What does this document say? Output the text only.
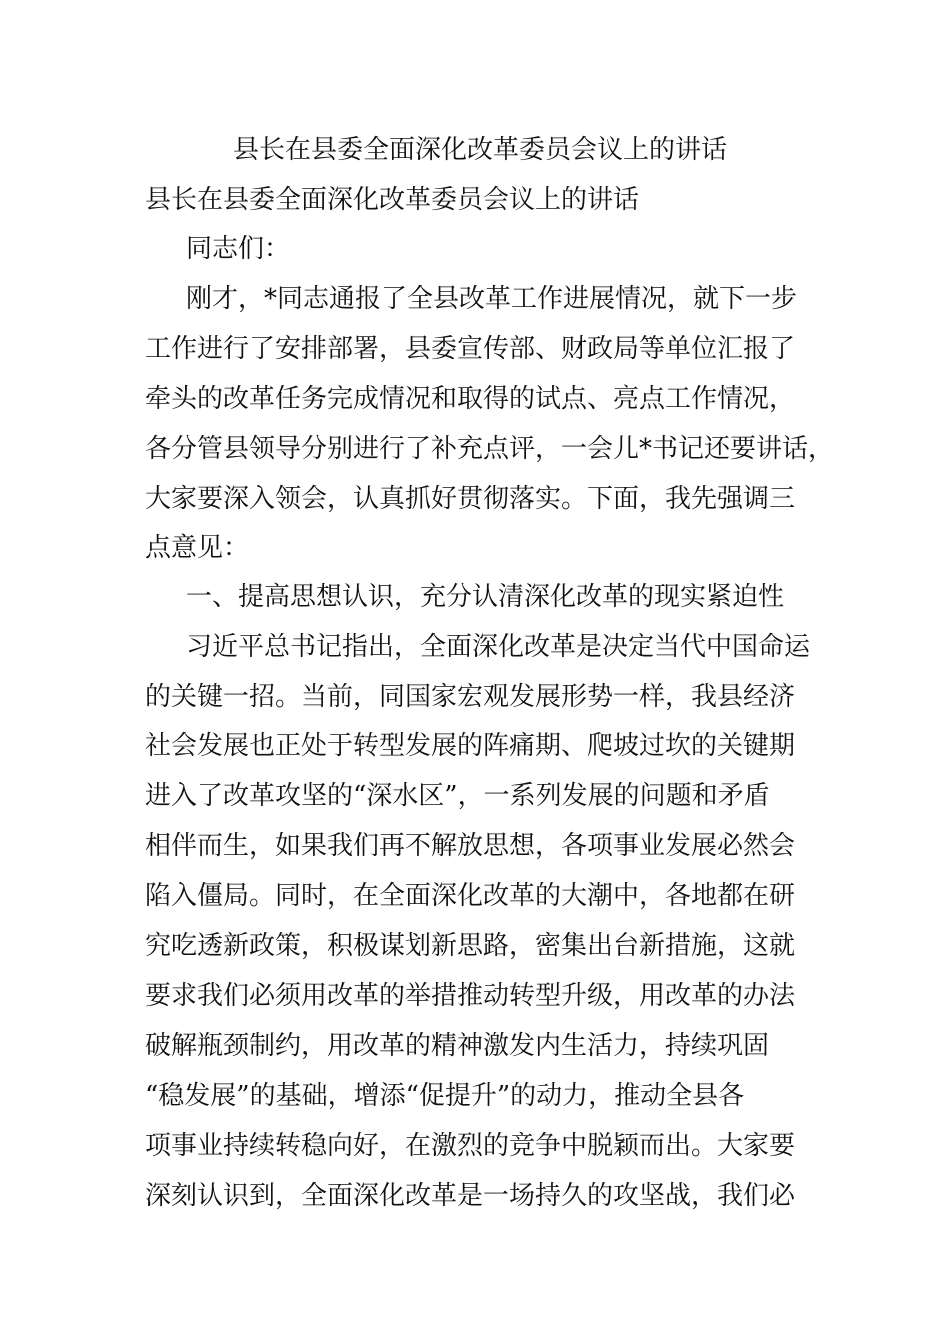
县长在县委全面深化改革委员会议上的讲话

县长在县委全面深化改革委员会议上的讲话

同志们：

刚才，*同志通报了全县改革工作进展情况，就下一步

工作进行了安排部署，县委宣传部、财政局等单位汇报了

牵头的改革任务完成情况和取得的试点、亮点工作情况，

各分管县领导分别进行了补充点评，一会儿*书记还要讲话，

大家要深入领会，认真抓好贯彻落实。下面，我先强调三

点意见：

一、提高思想认识，充分认清深化改革的现实紧迫性

习近平总书记指出，全面深化改革是决定当代中国命运

的关键一招。当前，同国家宏观发展形势一样，我县经济

社会发展也正处于转型发展的阵痛期、爬坡过坎的关键期

进入了改革攻坚的“深水区”，一系列发展的问题和矛盾

相伴而生，如果我们再不解放思想，各项事业发展必然会

陷入僵局。同时，在全面深化改革的大潮中，各地都在研

究吃透新政策，积极谋划新思路，密集出台新措施，这就

要求我们必须用改革的举措推动转型升级，用改革的办法

破解瓶颈制约，用改革的精神激发内生活力，持续巩固

“稳发展”的基础，增添“促提升”的动力，推动全县各

项事业持续转稳向好，在激烈的竞争中脱颖而出。大家要

深刻认识到，全面深化改革是一场持久的攻坚战，我们必
